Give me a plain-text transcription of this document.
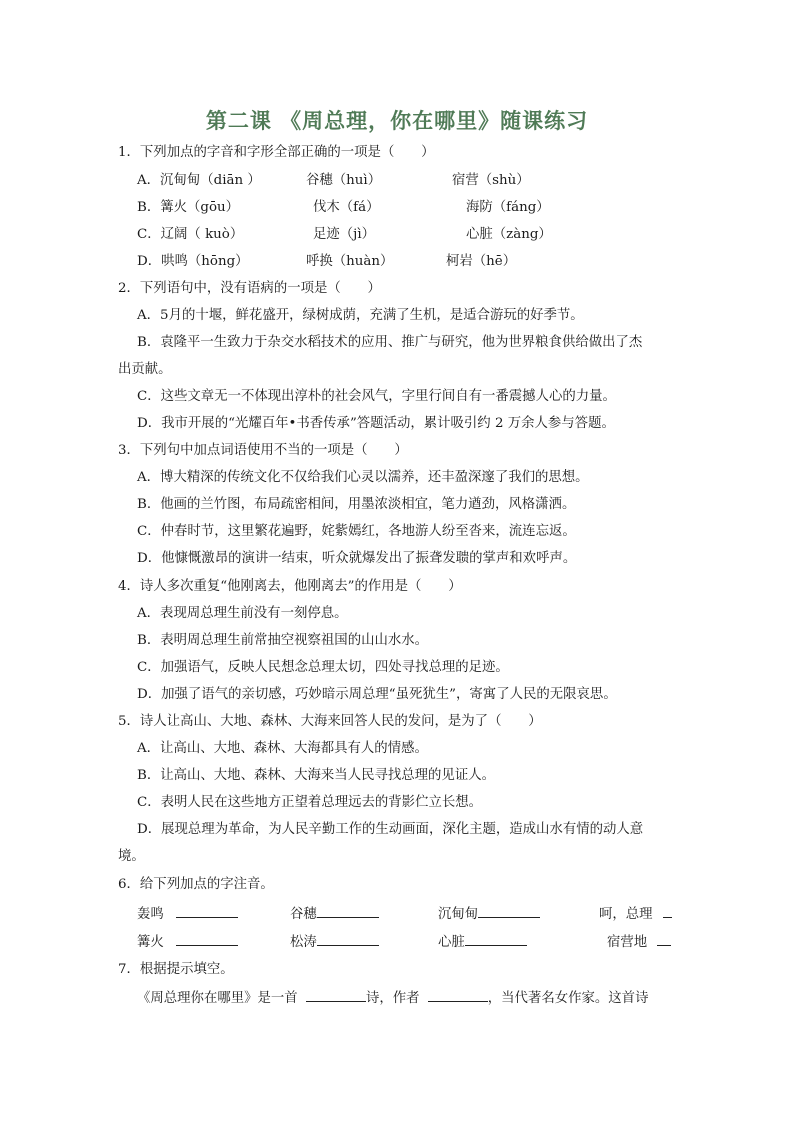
第二课 《周总理，你在哪里》随课练习
1．下列加点的字音和字形全部正确的一项是（　　）
A．沉甸甸（diān ）	谷穗（huì）	宿营（shù）
B．篝火（gōu）	伐木（fá）	海防（fáng）
C．辽阔（ kuò）	足迹（jì）	心脏（zàng）
D．哄鸣（hōng）	呼换（huàn）	柯岩（hē）
2．下列语句中，没有语病的一项是（　　）
A．5月的十堰，鲜花盛开，绿树成荫，充满了生机，是适合游玩的好季节。
B．袁隆平一生致力于杂交水稻技术的应用、推广与研究，他为世界粮食供给做出了杰
出贡献。
C．这些文章无一不体现出淳朴的社会风气，字里行间自有一番震撼人心的力量。
D．我市开展的“光耀百年•书香传承”答题活动，累计吸引约 2 万余人参与答题。
3．下列句中加点词语使用不当的一项是（　　）
A．博大精深的传统文化不仅给我们心灵以濡养，还丰盈深邃了我们的思想。
B．他画的兰竹图，布局疏密相间，用墨浓淡相宜，笔力遒劲，风格潇洒。
C．仲春时节，这里繁花遍野，姹紫嫣红，各地游人纷至沓来，流连忘返。
D．他慷慨激昂的演讲一结束，听众就爆发出了振聋发聩的掌声和欢呼声。
4．诗人多次重复“他刚离去，他刚离去”的作用是（　　）
A．表现周总理生前没有一刻停息。
B．表明周总理生前常抽空视察祖国的山山水水。
C．加强语气，反映人民想念总理太切，四处寻找总理的足迹。
D．加强了语气的亲切感，巧妙暗示周总理“虽死犹生”，寄寓了人民的无限哀思。
5．诗人让高山、大地、森林、大海来回答人民的发问，是为了（　　）
A．让高山、大地、森林、大海都具有人的情感。
B．让高山、大地、森林、大海来当人民寻找总理的见证人。
C．表明人民在这些地方正望着总理远去的背影伫立长想。
D．展现总理为革命，为人民辛勤工作的生动画面，深化主题，造成山水有情的动人意
境。
6．给下列加点的字注音。
轰鸣	谷穗	沉甸甸	呵，总理
篝火	松涛	心脏	宿营地
7．根据提示填空。
《周总理你在哪里》是一首	诗，作者	，当代著名女作家。这首诗
